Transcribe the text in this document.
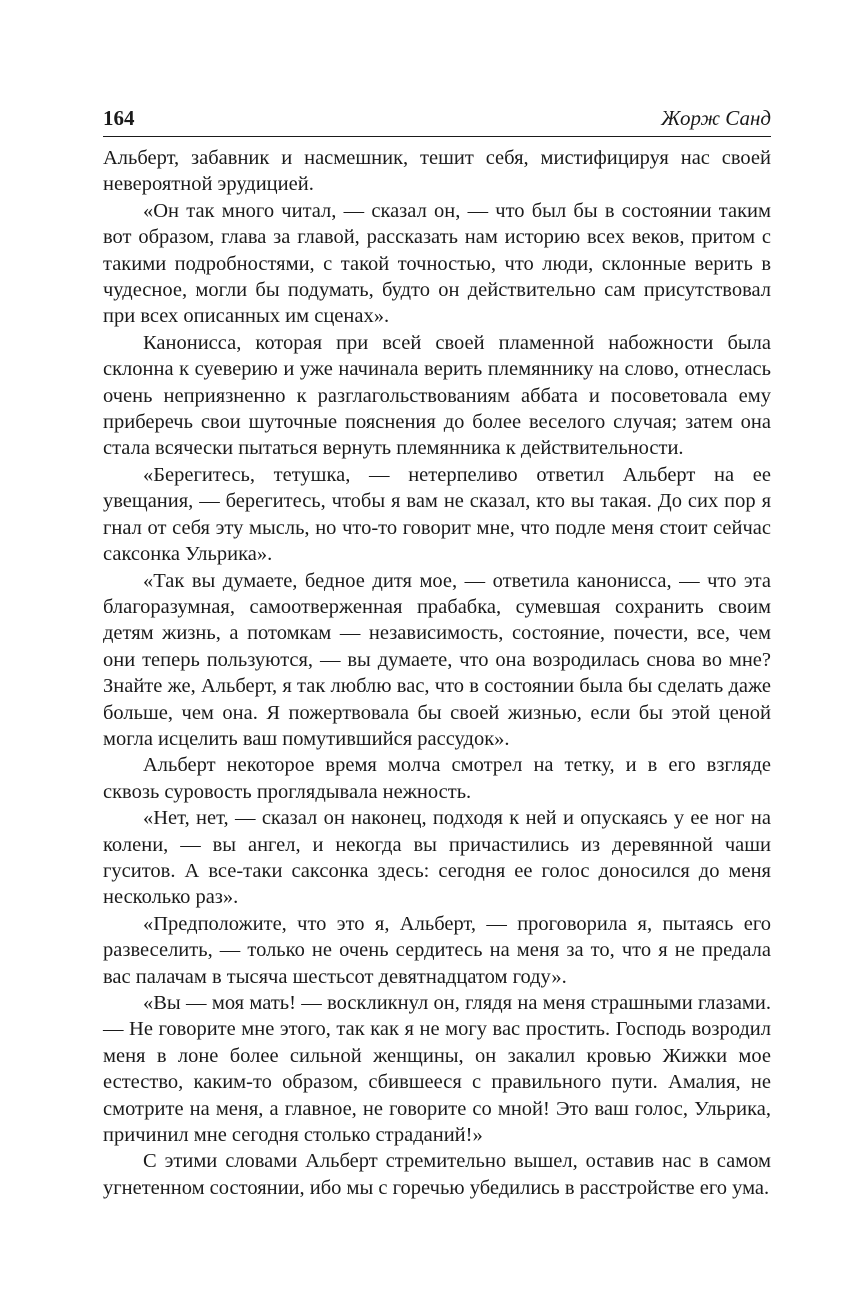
164	Жорж Санд

Альберт, забавник и насмешник, тешит себя, мистифицируя нас своей невероятной эрудицией.

«Он так много читал, — сказал он, — что был бы в состоянии таким вот образом, глава за главой, рассказать нам историю всех веков, притом с такими подробностями, с такой точностью, что люди, склонные верить в чудесное, могли бы подумать, будто он действительно сам присутствовал при всех описанных им сценах».

Канонисса, которая при всей своей пламенной набожности была склонна к суеверию и уже начинала верить племяннику на слово, отнеслась очень неприязненно к разглагольствованиям аббата и посоветовала ему приберечь свои шуточные пояснения до более веселого случая; затем она стала всячески пытаться вернуть племянника к действительности.

«Берегитесь, тетушка, — нетерпеливо ответил Альберт на ее увещания, — берегитесь, чтобы я вам не сказал, кто вы такая. До сих пор я гнал от себя эту мысль, но что-то говорит мне, что подле меня стоит сейчас саксонка Ульрика».

«Так вы думаете, бедное дитя мое, — ответила канонисса, — что эта благоразумная, самоотверженная прабабка, сумевшая сохранить своим детям жизнь, а потомкам — независимость, состояние, почести, все, чем они теперь пользуются, — вы думаете, что она возродилась снова во мне? Знайте же, Альберт, я так люблю вас, что в состоянии была бы сделать даже больше, чем она. Я пожертвовала бы своей жизнью, если бы этой ценой могла исцелить ваш помутившийся рассудок».

Альберт некоторое время молча смотрел на тетку, и в его взгляде сквозь суровость проглядывала нежность.

«Нет, нет, — сказал он наконец, подходя к ней и опускаясь у ее ног на колени, — вы ангел, и некогда вы причастились из деревянной чаши гуситов. А все-таки саксонка здесь: сегодня ее голос доносился до меня несколько раз».

«Предположите, что это я, Альберт, — проговорила я, пытаясь его развеселить, — только не очень сердитесь на меня за то, что я не предала вас палачам в тысяча шестьсот девятнадцатом году».

«Вы — моя мать! — воскликнул он, глядя на меня страшными глазами. — Не говорите мне этого, так как я не могу вас простить. Господь возродил меня в лоне более сильной женщины, он закалил кровью Жижки мое естество, каким-то образом, сбившееся с правильного пути. Амалия, не смотрите на меня, а главное, не говорите со мной! Это ваш голос, Ульрика, причинил мне сегодня столько страданий!»

С этими словами Альберт стремительно вышел, оставив нас в самом угнетенном состоянии, ибо мы с горечью убедились в расстройстве его ума.
